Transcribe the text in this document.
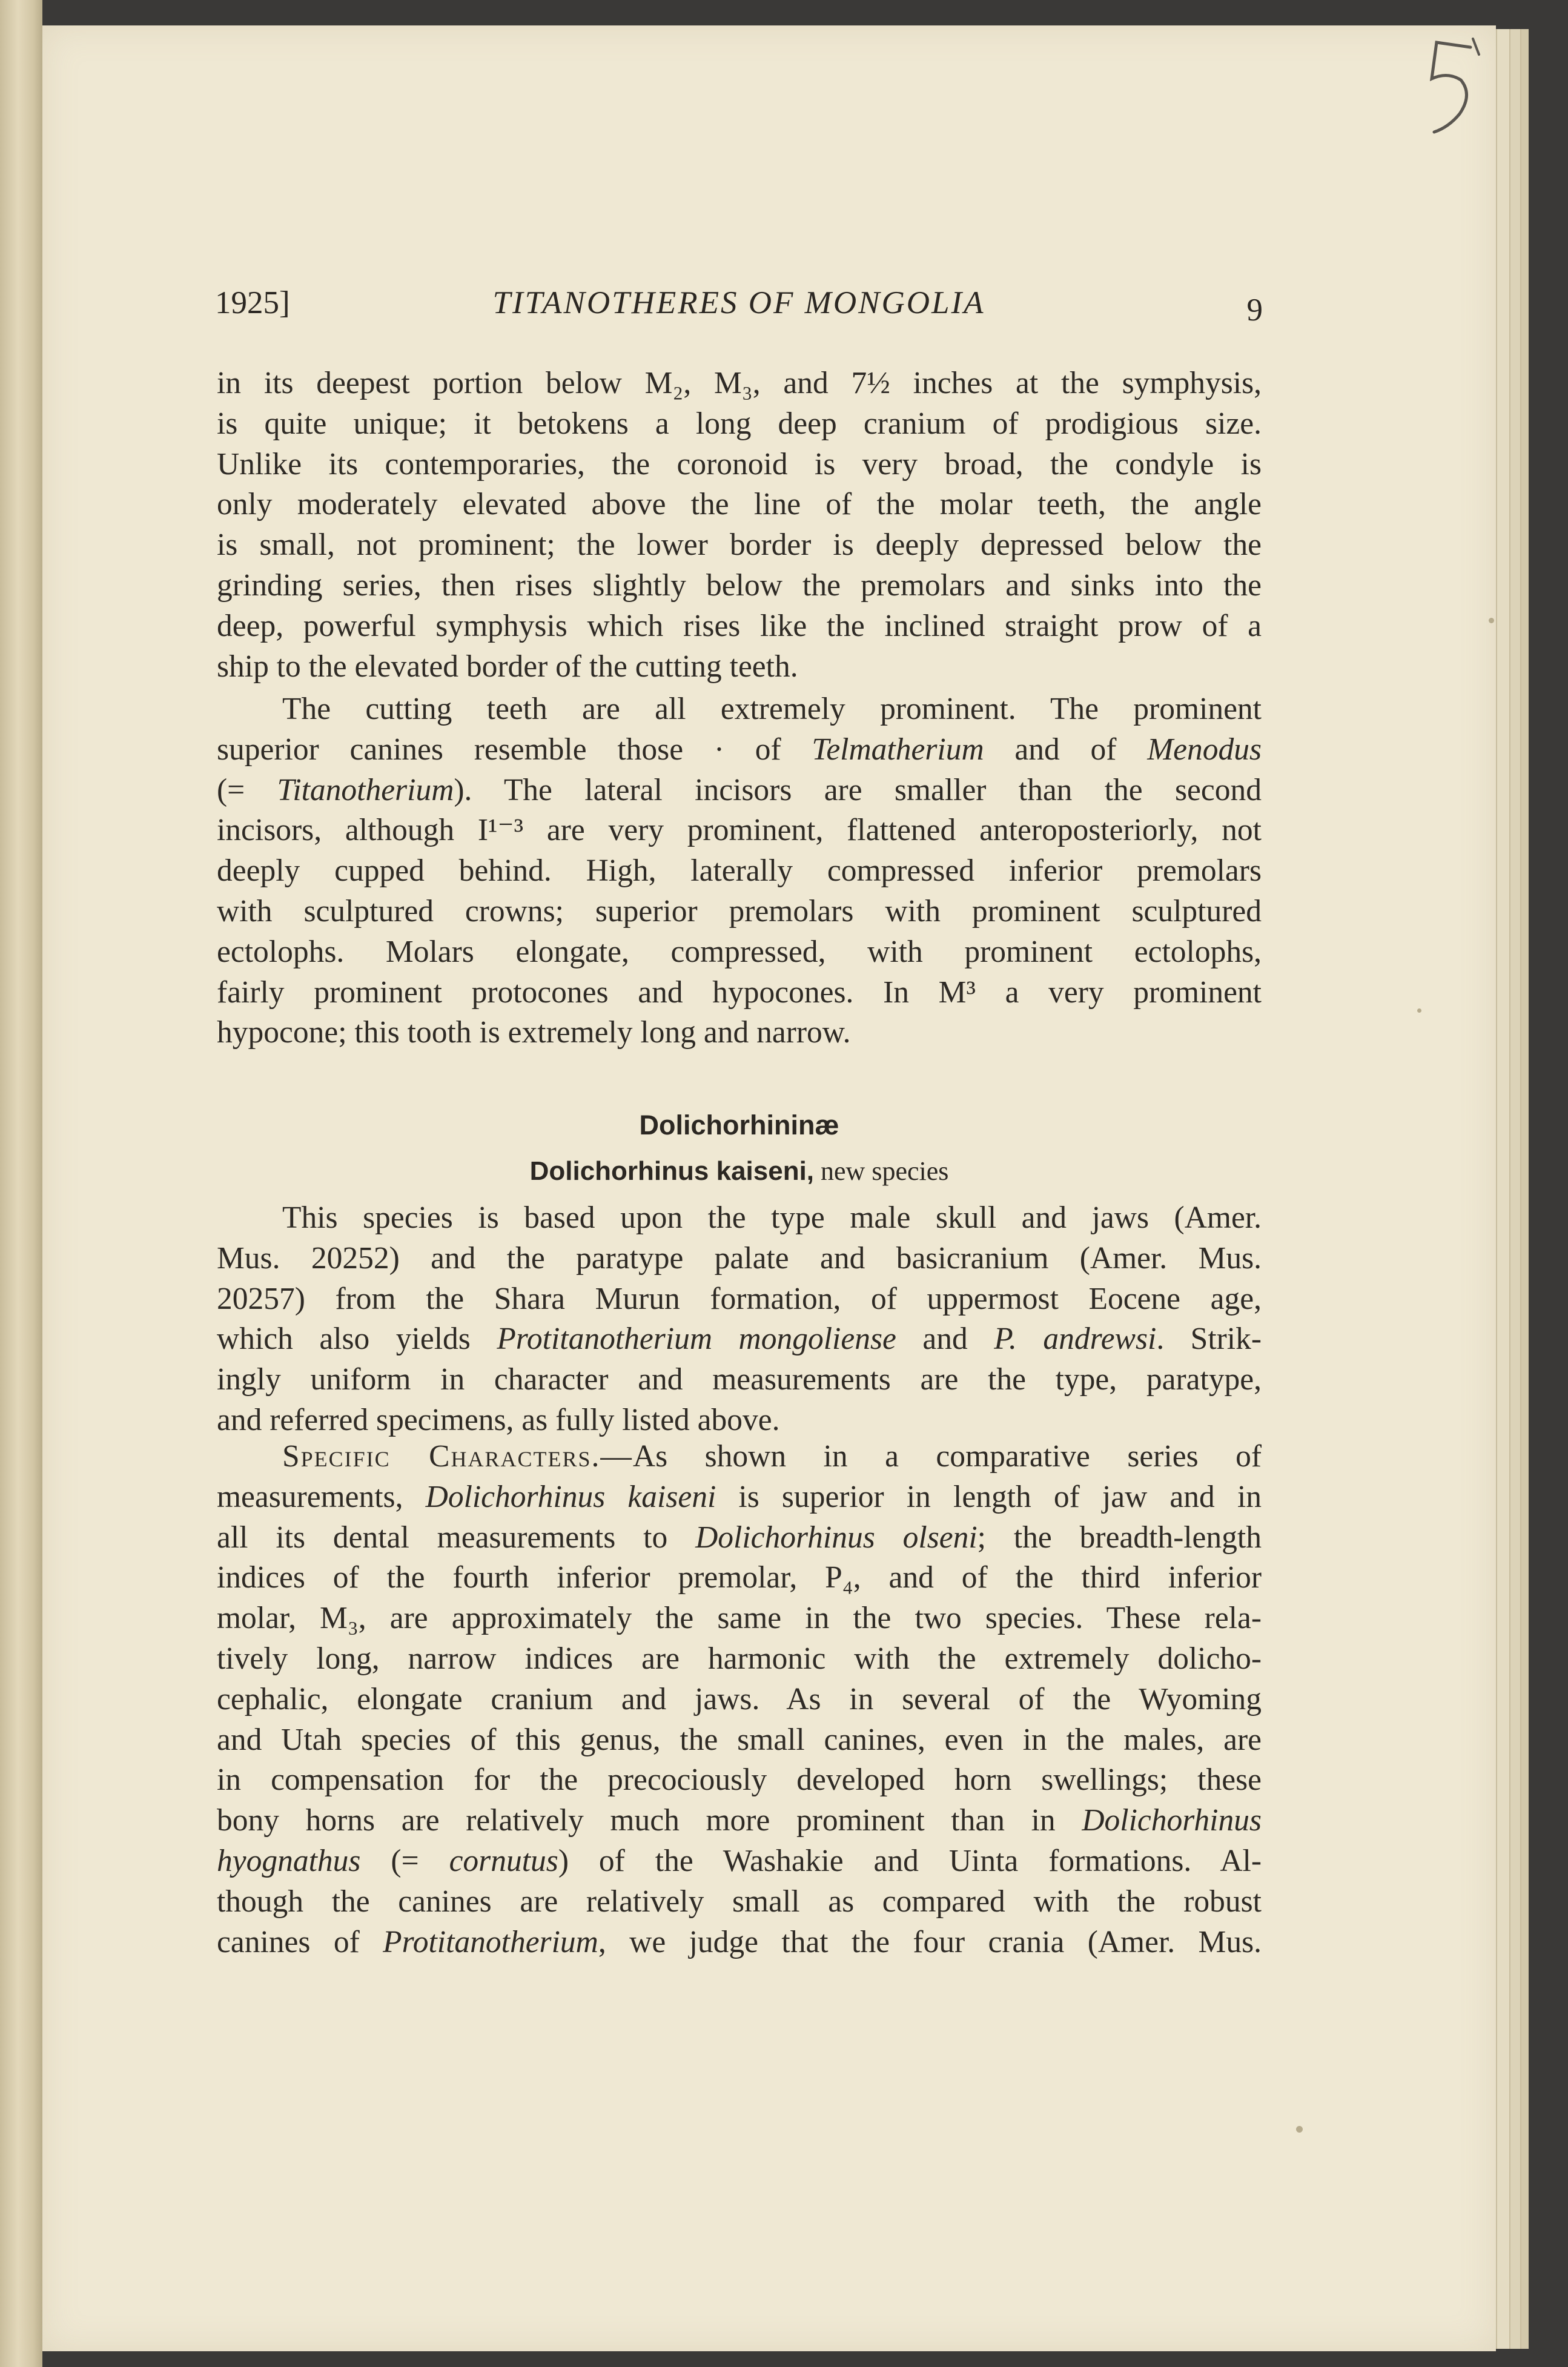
1925]	TITANOTHERES OF MONGOLIA	9
in its deepest portion below M₂, M₃, and 7½ inches at the symphysis,
is quite unique; it betokens a long deep cranium of prodigious size.
Unlike its contemporaries, the coronoid is very broad, the condyle is
only moderately elevated above the line of the molar teeth, the angle
is small, not prominent; the lower border is deeply depressed below the
grinding series, then rises slightly below the premolars and sinks into the
deep, powerful symphysis which rises like the inclined straight prow of a
ship to the elevated border of the cutting teeth.
The cutting teeth are all extremely prominent. The prominent
superior canines resemble those · of Telmatherium and of Menodus
(= Titanotherium). The lateral incisors are smaller than the second
incisors, although I¹⁻³ are very prominent, flattened anteroposteriorly, not
deeply cupped behind. High, laterally compressed inferior premolars
with sculptured crowns; superior premolars with prominent sculptured
ectolophs. Molars elongate, compressed, with prominent ectolophs,
fairly prominent protocones and hypocones. In M³ a very prominent
hypocone; this tooth is extremely long and narrow.
Dolichorhininæ
Dolichorhinus kaiseni, new species
This species is based upon the type male skull and jaws (Amer.
Mus. 20252) and the paratype palate and basicranium (Amer. Mus.
20257) from the Shara Murun formation, of uppermost Eocene age,
which also yields Protitanotherium mongoliense and P. andrewsi. Strik-
ingly uniform in character and measurements are the type, paratype,
and referred specimens, as fully listed above.
Specific Characters.—As shown in a comparative series of
measurements, Dolichorhinus kaiseni is superior in length of jaw and in
all its dental measurements to Dolichorhinus olseni; the breadth-length
indices of the fourth inferior premolar, P₄, and of the third inferior
molar, M₃, are approximately the same in the two species. These rela-
tively long, narrow indices are harmonic with the extremely dolicho-
cephalic, elongate cranium and jaws. As in several of the Wyoming
and Utah species of this genus, the small canines, even in the males, are
in compensation for the precociously developed horn swellings; these
bony horns are relatively much more prominent than in Dolichorhinus
hyognathus (= cornutus) of the Washakie and Uinta formations. Al-
though the canines are relatively small as compared with the robust
canines of Protitanotherium, we judge that the four crania (Amer. Mus.
